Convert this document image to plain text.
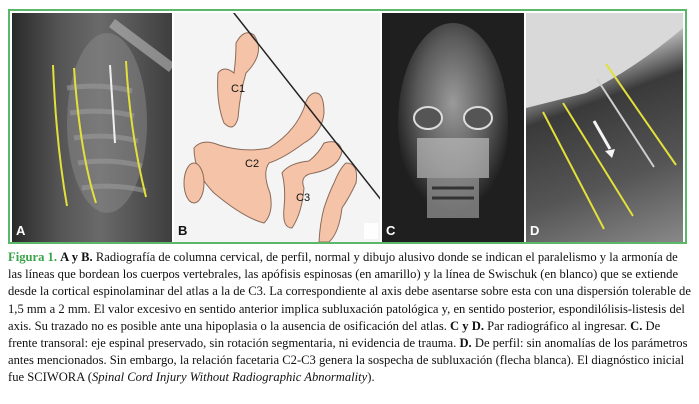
A
C1
C2
C3
B	C	D
Figura 1. A y B. Radiografía de columna cervical, de perfil, normal y dibujo alusivo donde se indican el paralelismo y la armonía de las líneas que bordean los cuerpos vertebrales, las apófisis espinosas (en amarillo) y la línea de Swischuk (en blanco) que se extiende desde la cortical espinolaminar del atlas a la de C3. La correspondiente al axis debe asentarse sobre esta con una dispersión tolerable de 1,5 mm a 2 mm. El valor excesivo en sentido anterior implica subluxación patológica y, en sentido posterior, espondilólisis-listesis del axis. Su trazado no es posible ante una hipoplasia o la ausencia de osificación del atlas. C y D. Par radiográfico al ingresar. C. De frente transoral: eje espinal preservado, sin rotación segmentaria, ni evidencia de trauma. D. De perfil: sin anomalías de los parámetros antes mencionados. Sin embargo, la relación facetaria C2-C3 genera la sospecha de subluxación (flecha blanca). El diagnóstico inicial fue SCIWORA (Spinal Cord Injury Without Radiographic Abnormality).
